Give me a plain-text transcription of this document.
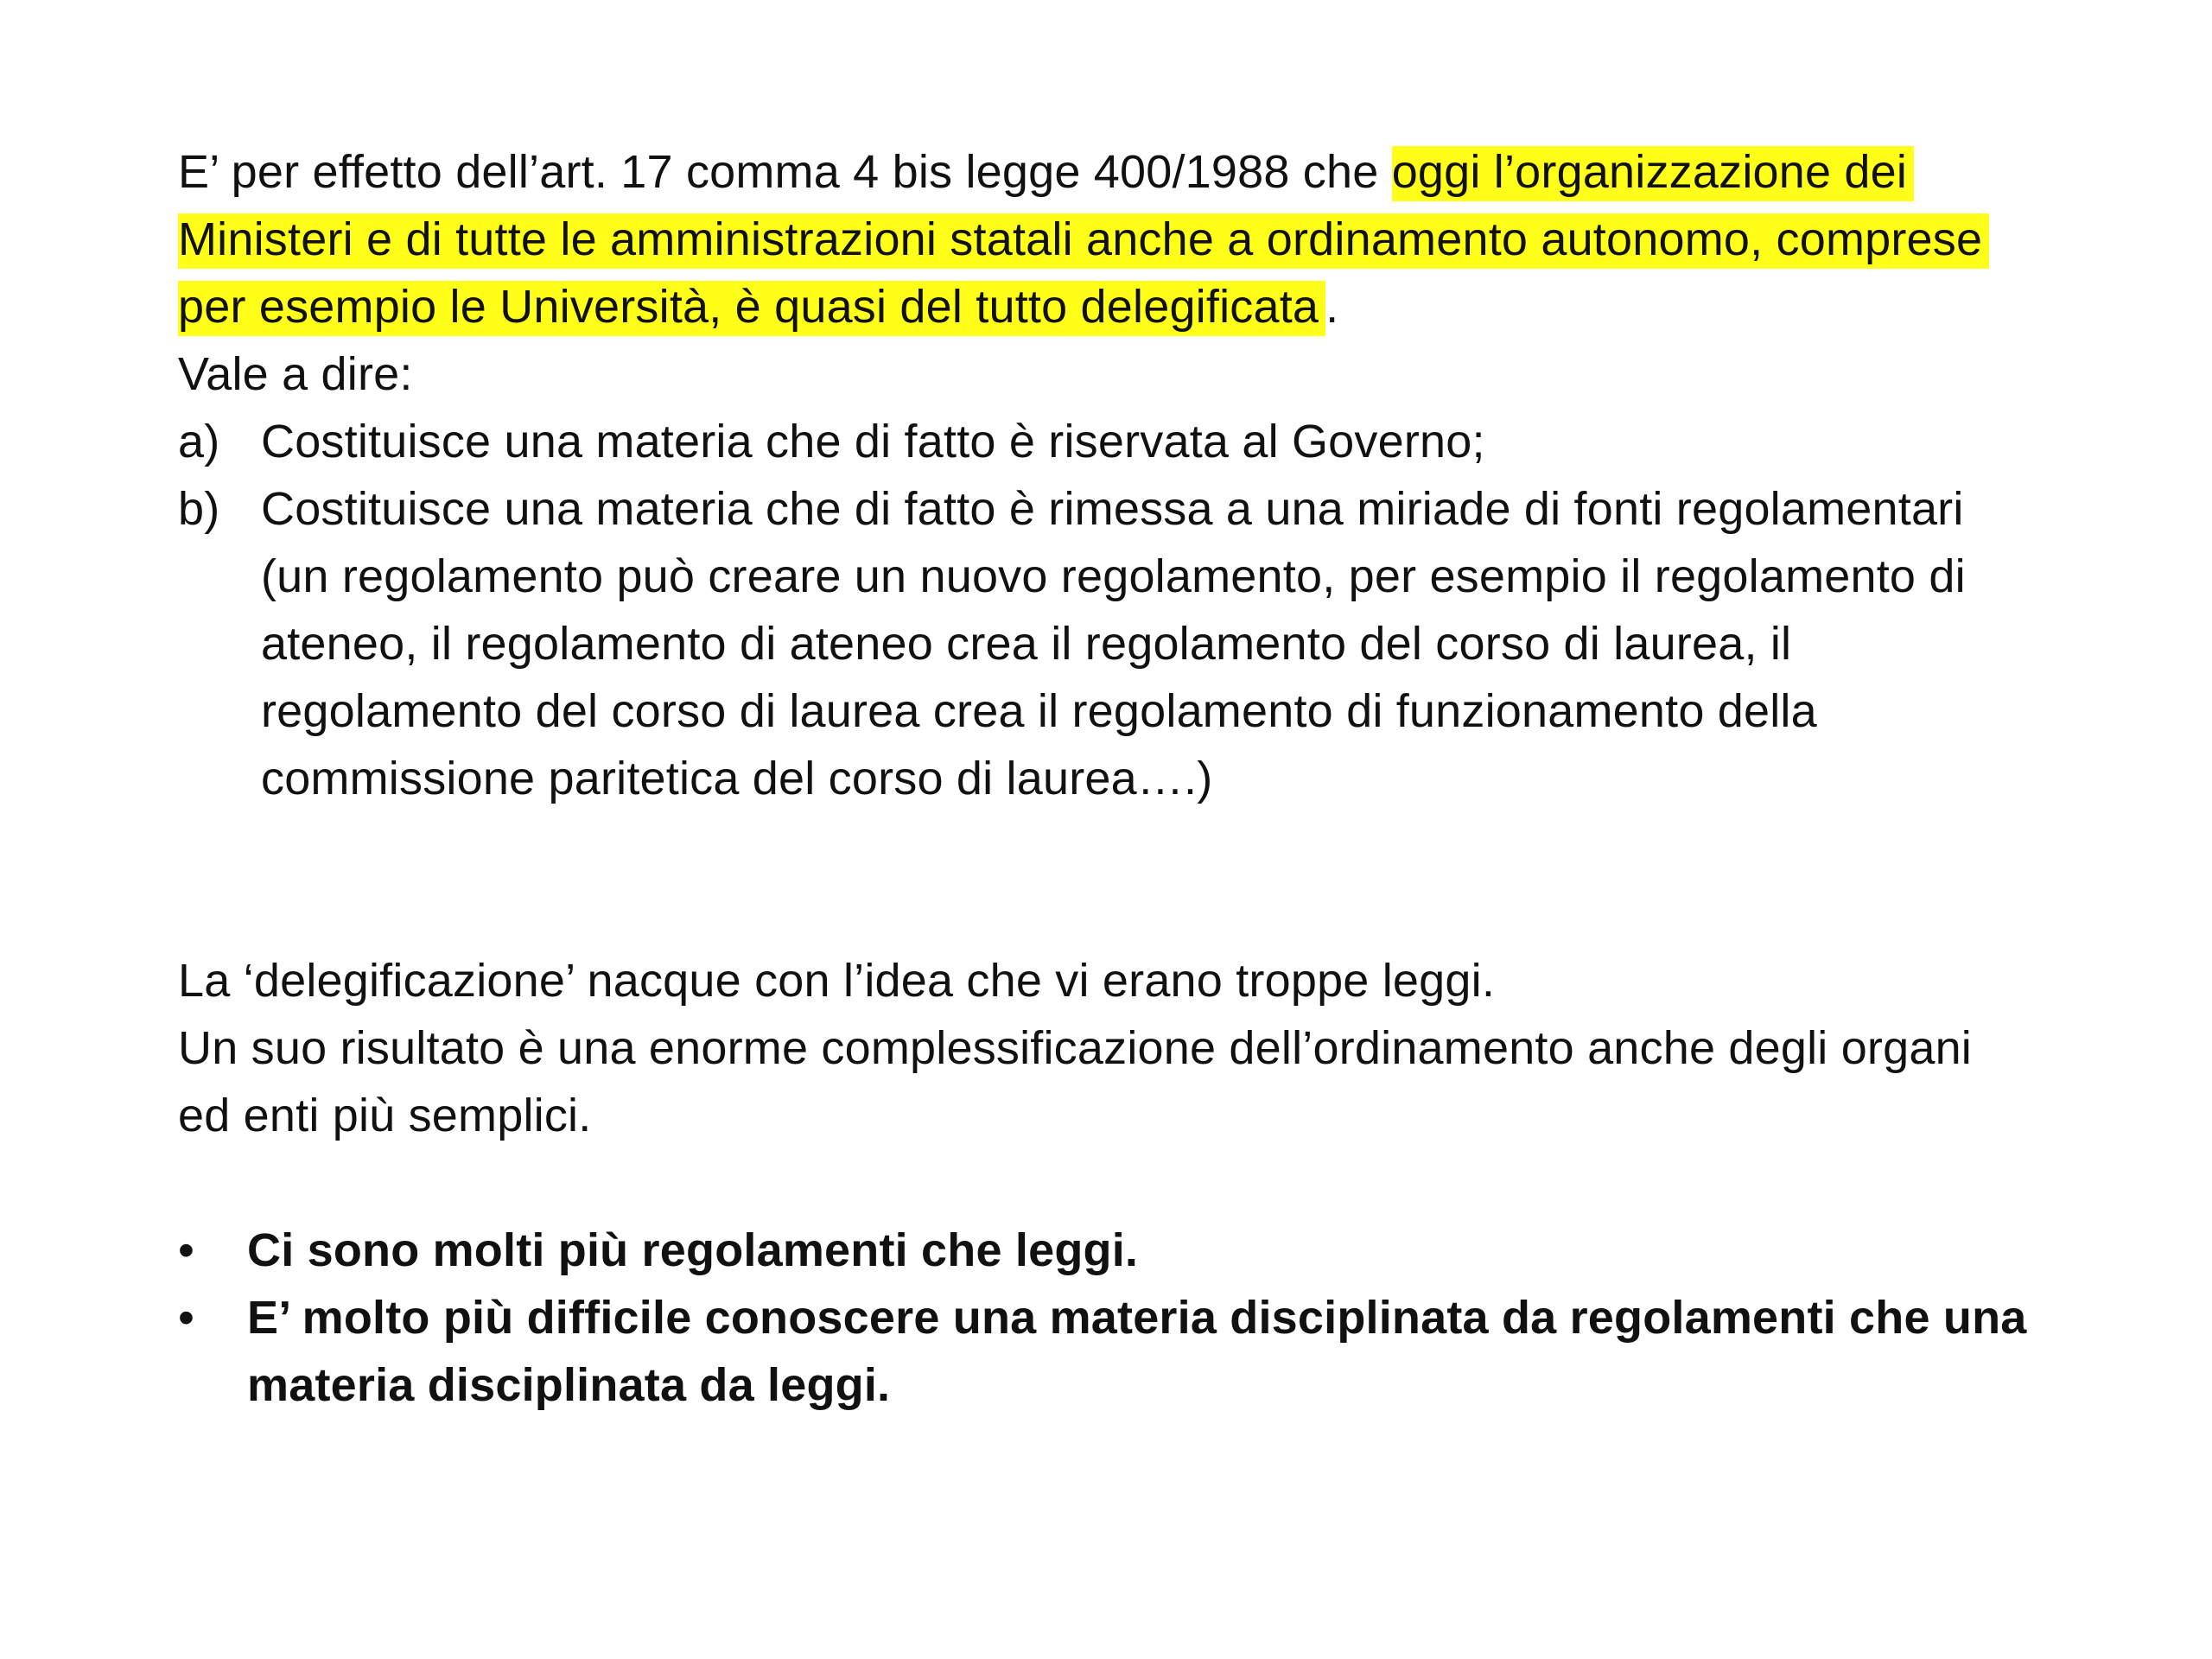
E’ per effetto dell’art. 17 comma 4 bis legge 400/1988 che oggi l’organizzazione dei Ministeri e di tutte le amministrazioni statali anche a ordinamento autonomo, comprese per esempio le Università, è quasi del tutto delegificata .

Vale a dire:

a) Costituisce una materia che di fatto è riservata al Governo;
b) Costituisce una materia che di fatto è rimessa a una miriade di fonti regolamentari (un regolamento può creare un nuovo regolamento, per esempio il regolamento di ateneo, il regolamento di ateneo crea il regolamento del corso di laurea, il regolamento del corso di laurea crea il regolamento di funzionamento della commissione paritetica del corso di laurea….)

La ‘delegificazione’ nacque con l’idea che vi erano troppe leggi.

Un suo risultato è una enorme complessificazione dell’ordinamento anche degli organi ed enti più semplici.

• Ci sono molti più regolamenti che leggi.
• E’ molto più difficile conoscere una materia disciplinata da regolamenti che una materia disciplinata da leggi.
